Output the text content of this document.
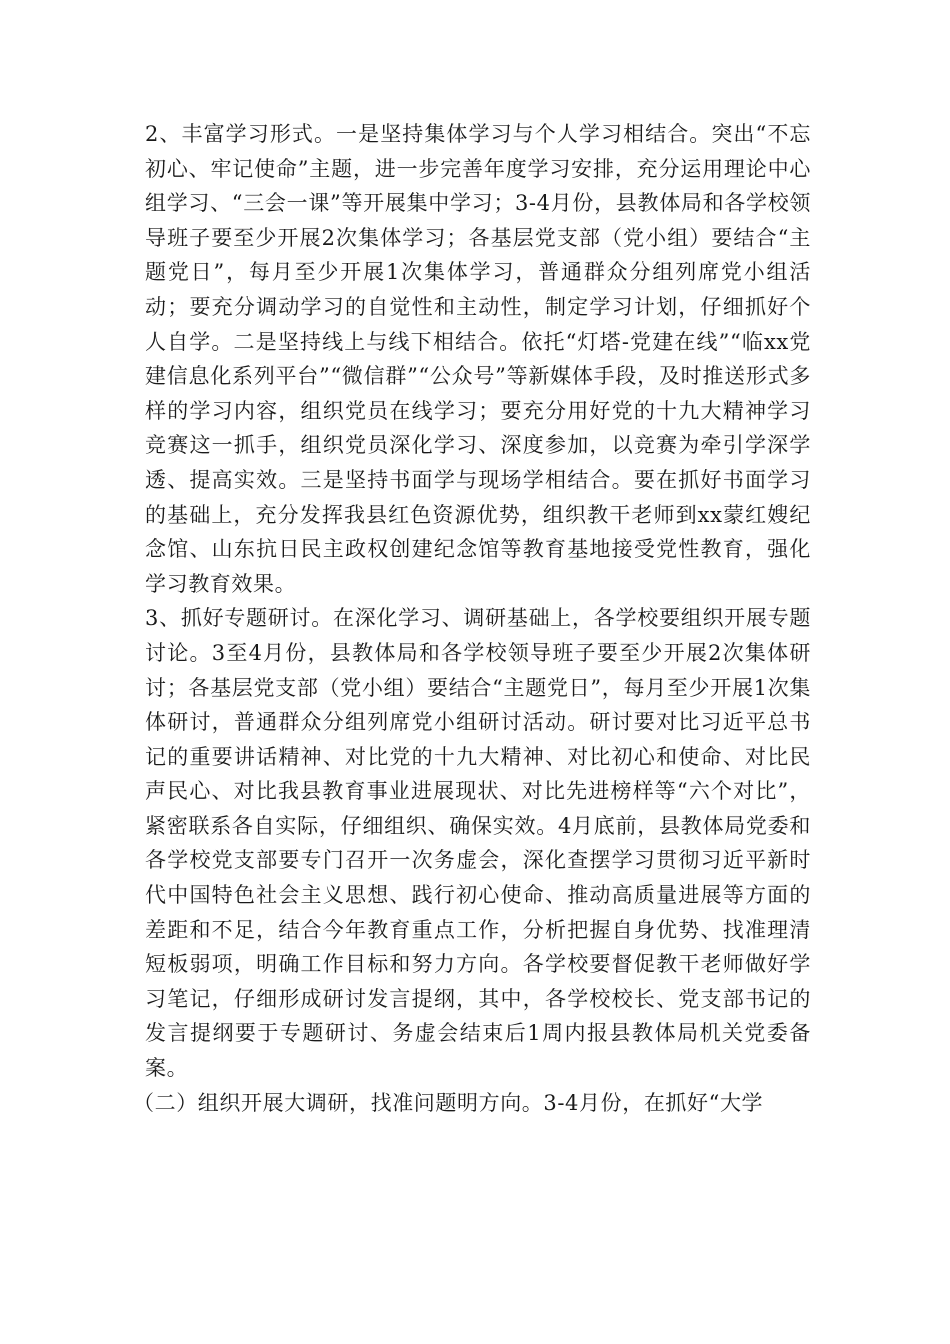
2、丰富学习形式。一是坚持集体学习与个人学习相结合。突出“不忘初心、牢记使命”主题，进一步完善年度学习安排，充分运用理论中心组学习、“三会一课”等开展集中学习；3-4月份，县教体局和各学校领导班子要至少开展2次集体学习；各基层党支部（党小组）要结合“主题党日”，每月至少开展1次集体学习，普通群众分组列席党小组活动；要充分调动学习的自觉性和主动性，制定学习计划，仔细抓好个人自学。二是坚持线上与线下相结合。依托“灯塔-党建在线”“临xx党建信息化系列平台”“微信群”“公众号”等新媒体手段，及时推送形式多样的学习内容，组织党员在线学习；要充分用好党的十九大精神学习竞赛这一抓手，组织党员深化学习、深度参加，以竞赛为牵引学深学透、提高实效。三是坚持书面学与现场学相结合。要在抓好书面学习的基础上，充分发挥我县红色资源优势，组织教干老师到xx蒙红嫂纪念馆、山东抗日民主政权创建纪念馆等教育基地接受党性教育，强化学习教育效果。

3、抓好专题研讨。在深化学习、调研基础上，各学校要组织开展专题讨论。3至4月份，县教体局和各学校领导班子要至少开展2次集体研讨；各基层党支部（党小组）要结合“主题党日”，每月至少开展1次集体研讨，普通群众分组列席党小组研讨活动。研讨要对比习近平总书记的重要讲话精神、对比党的十九大精神、对比初心和使命、对比民声民心、对比我县教育事业进展现状、对比先进榜样等“六个对比”，紧密联系各自实际，仔细组织、确保实效。4月底前，县教体局党委和各学校党支部要专门召开一次务虚会，深化查摆学习贯彻习近平新时代中国特色社会主义思想、践行初心使命、推动高质量进展等方面的差距和不足，结合今年教育重点工作，分析把握自身优势、找准理清短板弱项，明确工作目标和努力方向。各学校要督促教干老师做好学习笔记，仔细形成研讨发言提纲，其中，各学校校长、党支部书记的发言提纲要于专题研讨、务虚会结束后1周内报县教体局机关党委备案。

（二）组织开展大调研，找准问题明方向。3-4月份，在抓好“大学
